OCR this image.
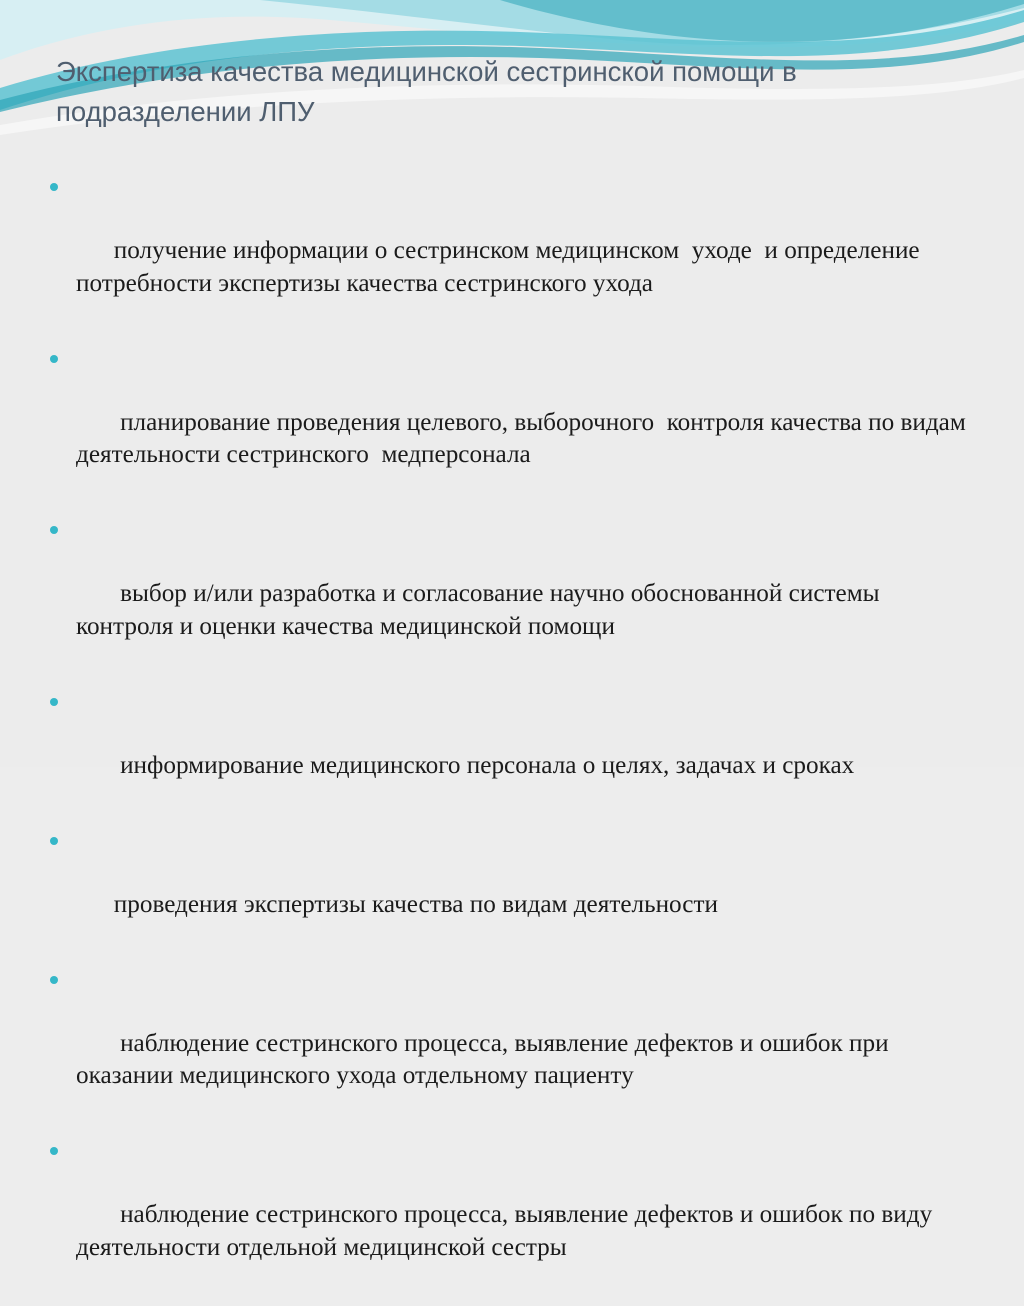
Экспертиза качества медицинской сестринской помощи в подразделении ЛПУ

получение информации о сестринском медицинском  уходе  и определение потребности экспертизы качества сестринского ухода

планирование проведения целевого, выборочного  контроля качества по видам деятельности сестринского  медперсонала

выбор и/или разработка и согласование научно обоснованной системы  контроля и оценки качества медицинской помощи

информирование медицинского персонала о целях, задачах и сроках

проведения экспертизы качества по видам деятельности

наблюдение сестринского процесса, выявление дефектов и ошибок при оказании медицинского ухода отдельному пациенту

наблюдение сестринского процесса, выявление дефектов и ошибок по виду деятельности отдельной медицинской сестры
